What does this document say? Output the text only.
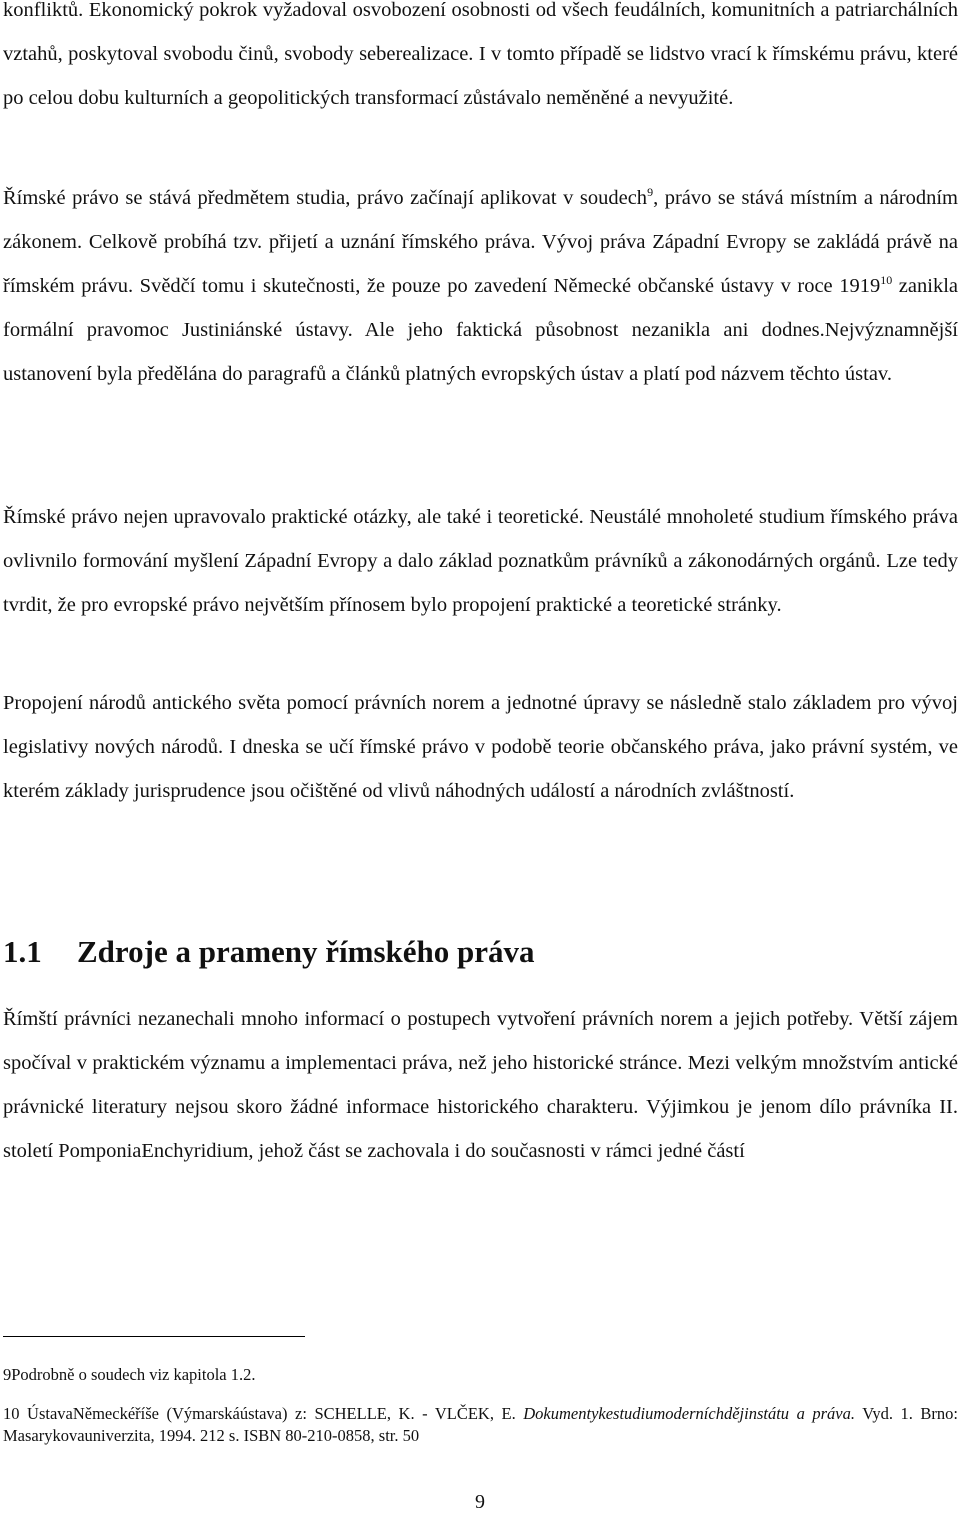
konfliktů. Ekonomický pokrok vyžadoval osvobození osobnosti od všech feudálních, komunitních a patriarchálních vztahů, poskytoval svobodu činů, svobody seberealizace. I v tomto případě se lidstvo vrací k římskému právu, které po celou dobu kulturních a geopolitických transformací zůstávalo neměněné a nevyužité.

Římské právo se stává předmětem studia, právo začínají aplikovat v soudech$^9$, právo se stává místním a národním zákonem. Celkově probíhá tzv. přijetí a uznání římského práva. Vývoj práva Západní Evropy se zakládá právě na římském právu. Svědčí tomu i skutečnosti, že pouze po zavedení Německé občanské ústavy v roce 1919$^{10}$ zanikla formální pravomoc Justiniánské ústavy. Ale jeho faktická působnost nezanikla ani dodnes.Nejvýznamnější ustanovení byla předělána do paragrafů a článků platných evropských ústav a platí pod názvem těchto ústav.

Římské právo nejen upravovalo praktické otázky, ale také i teoretické. Neustálé mnoholeté studium římského práva ovlivnilo formování myšlení Západní Evropy a dalo základ poznatkům právníků a zákonodárných orgánů. Lze tedy tvrdit, že pro evropské právo největším přínosem bylo propojení praktické a teoretické stránky.

Propojení národů antického světa pomocí právních norem a jednotné úpravy se následně stalo základem pro vývoj legislativy nových národů. I dneska se učí římské právo v podobě teorie občanského práva, jako právní systém, ve kterém základy jurisprudence jsou očištěné od vlivů náhodných událostí a národních zvláštností.

1.1 Zdroje a prameny římského práva

Římští právníci nezanechali mnoho informací o postupech vytvoření právních norem a jejich potřeby. Větší zájem spočíval v praktickém významu a implementaci práva, než jeho historické stránce. Mezi velkým množstvím antické právnické literatury nejsou skoro žádné informace historického charakteru. Výjimkou je jenom dílo právníka II. století PomponiaEnchyridium, jehož část se zachovala i do současnosti v rámci jedné částí

9Podrobně o soudech viz kapitola 1.2.

10 ÚstavaNěmeckéříše (Výmarskáústava) z: SCHELLE, K. - VLČEK, E. Dokumentykestudiumoderníchdějinstátu a práva. Vyd. 1. Brno: Masarykovauniverzita, 1994. 212 s. ISBN 80-210-0858, str. 50

9
